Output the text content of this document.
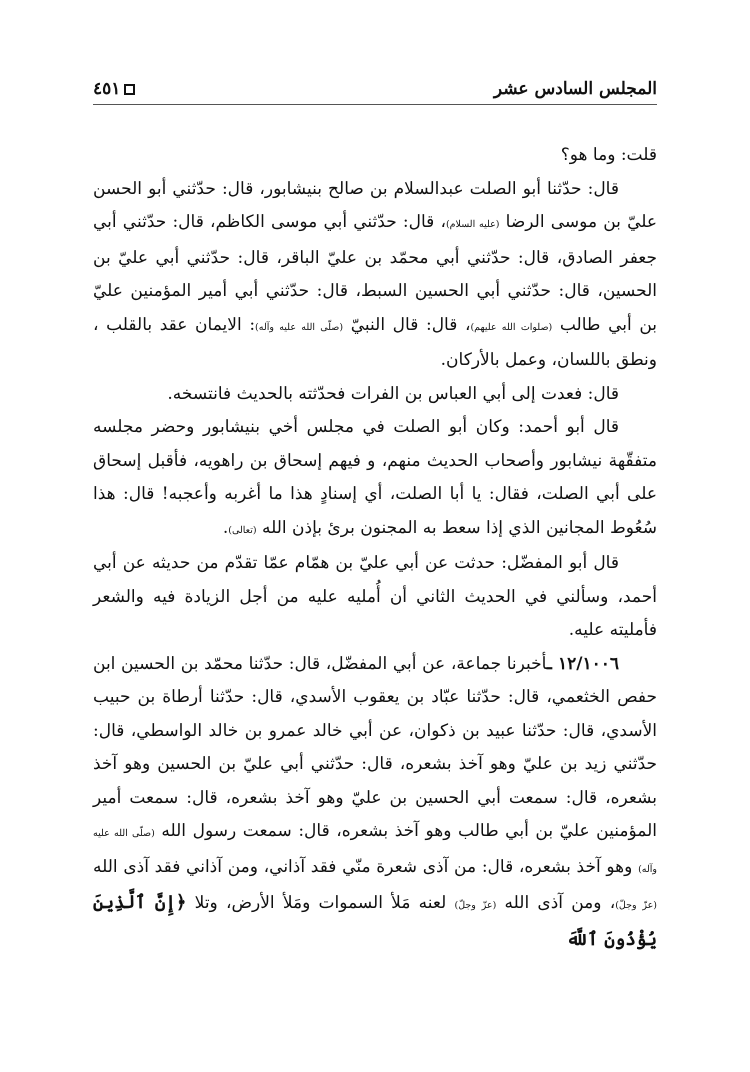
المجلس السادس عشر
٤٥١

قلت: وما هو؟

قال: حدّثنا أبو الصلت عبدالسلام بن صالح بنيشابور، قال: حدّثني أبو الحسن عليّ بن موسى الرضا (عليه السلام)، قال: حدّثني أبي موسى الكاظم، قال: حدّثني أبي جعفر الصادق، قال: حدّثني أبي محمّد بن عليّ الباقر، قال: حدّثني أبي عليّ بن الحسين، قال: حدّثني أبي الحسين السبط، قال: حدّثني أبي أمير المؤمنين عليّ بن أبي طالب (صلوات الله عليهم)، قال: قال النبيّ (صلّى الله عليه وآله): الايمان عقد بالقلب ، ونطق باللسان، وعمل بالأركان.

قال: فعدت إلى أبي العباس بن الفرات فحدّثته بالحديث فانتسخه.

قال أبو أحمد: وكان أبو الصلت في مجلس أخي بنيشابور وحضر مجلسه متفقّهة نيشابور وأصحاب الحديث منهم، و فيهم إسحاق بن راهويه، فأقبل إسحاق على أبي الصلت، فقال: يا أبا الصلت، أي إسنادٍ هذا ما أغربه وأعجبه! قال: هذا سُعُوط المجانين الذي إذا سعط به المجنون برئ بإذن الله (تعالى).

قال أبو المفضّل: حدثت عن أبي عليّ بن همّام عمّا تقدّم من حديثه عن أبي أحمد، وسألني في الحديث الثاني أن أُمليه عليه من أجل الزيادة فيه والشعر فأمليته عليه.

١٢/١٠٠٦ ـأخبرنا جماعة، عن أبي المفضّل، قال: حدّثنا محمّد بن الحسين ابن حفص الخثعمي، قال: حدّثنا عبّاد بن يعقوب الأسدي، قال: حدّثنا أرطاة بن حبيب الأسدي، قال: حدّثنا عبيد بن ذكوان، عن أبي خالد عمرو بن خالد الواسطي، قال: حدّثني زيد بن عليّ وهو آخذ بشعره، قال: حدّثني أبي عليّ بن الحسين وهو آخذ بشعره، قال: سمعت أبي الحسين بن عليّ وهو آخذ بشعره، قال: سمعت أمير المؤمنين عليّ بن أبي طالب وهو آخذ بشعره، قال: سمعت رسول الله (صلّى الله عليه وآله) وهو آخذ بشعره، قال: من آذى شعرة منّي فقد آذاني، ومن آذاني فقد آذى الله (عزّ وجلّ)، ومن آذى الله (عزّ وجلّ) لعنه مَلأ السموات ومَلأ الأرض، وتلا ﴿إِنَّ ٱلَّذِينَ يُؤْذُونَ ٱللَّهَ
